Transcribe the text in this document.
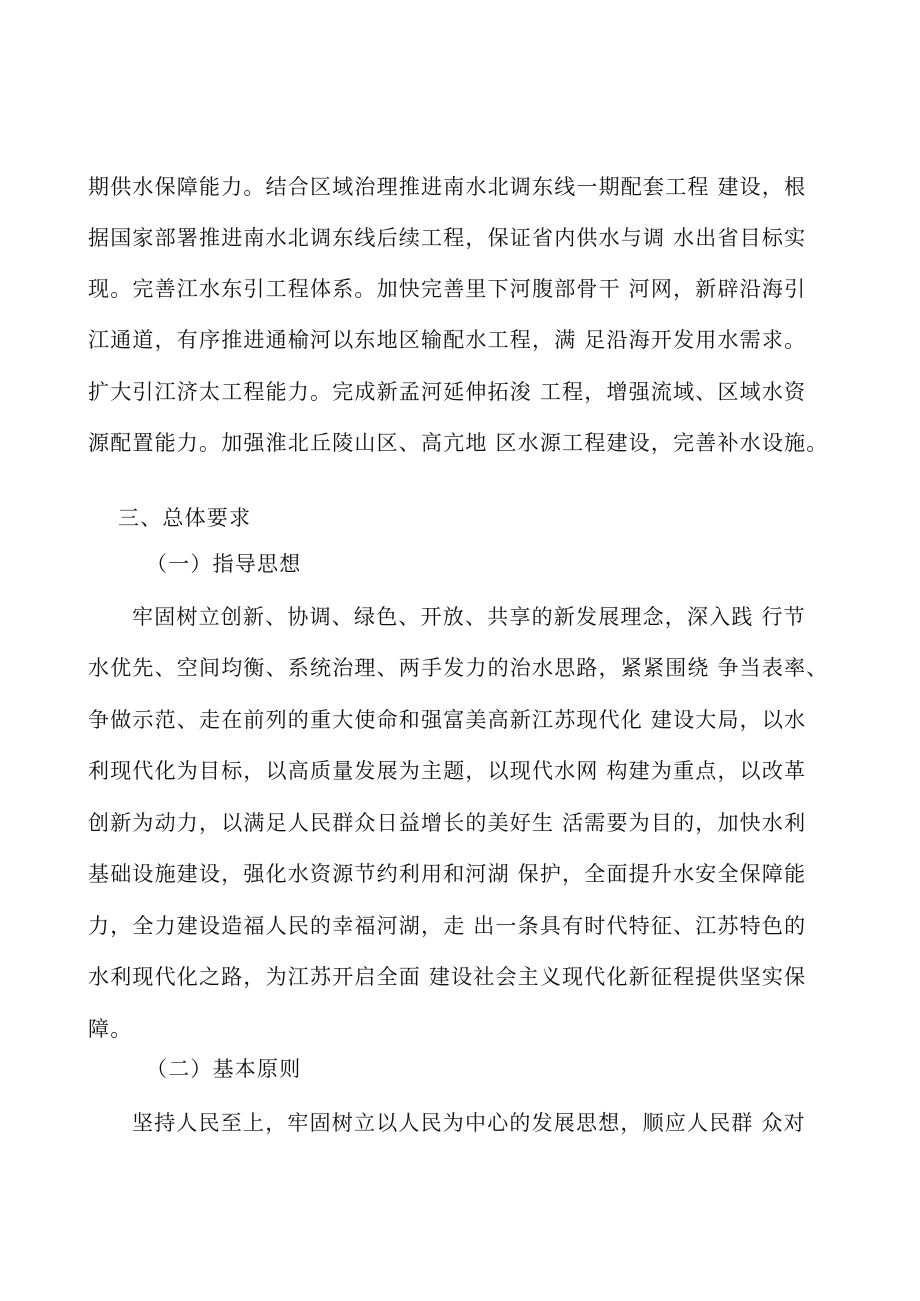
期供水保障能力。结合区域治理推进南水北调东线一期配套工程 建设，根
据国家部署推进南水北调东线后续工程，保证省内供水与调 水出省目标实
现。完善江水东引工程体系。加快完善里下河腹部骨干 河网，新辟沿海引
江通道，有序推进通榆河以东地区输配水工程，满 足沿海开发用水需求。
扩大引江济太工程能力。完成新孟河延伸拓浚 工程，增强流域、区域水资
源配置能力。加强淮北丘陵山区、高亢地 区水源工程建设，完善补水设施。
三、总体要求
（一）指导思想
牢固树立创新、协调、绿色、开放、共享的新发展理念，深入践 行节
水优先、空间均衡、系统治理、两手发力的治水思路，紧紧围绕 争当表率、
争做示范、走在前列的重大使命和强富美高新江苏现代化 建设大局，以水
利现代化为目标，以高质量发展为主题，以现代水网 构建为重点，以改革
创新为动力，以满足人民群众日益增长的美好生 活需要为目的，加快水利
基础设施建设，强化水资源节约利用和河湖 保护，全面提升水安全保障能
力，全力建设造福人民的幸福河湖，走 出一条具有时代特征、江苏特色的
水利现代化之路，为江苏开启全面 建设社会主义现代化新征程提供坚实保
障。
（二）基本原则
坚持人民至上，牢固树立以人民为中心的发展思想，顺应人民群 众对
